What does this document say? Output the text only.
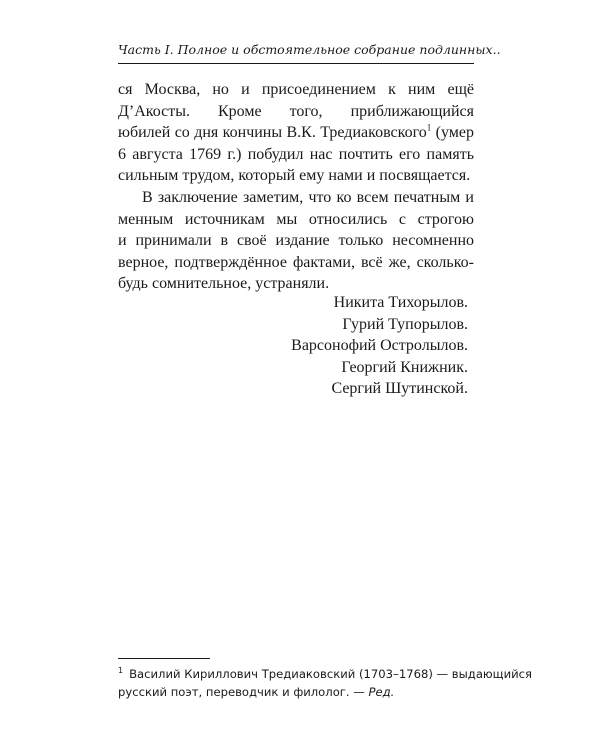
Часть I. Полное и обстоятельное собрание подлинных..
ся Москва, но и присоединением к ним ещё
Д’Акосты. Кроме того, приближающийся
юбилей со дня кончины В.К. Тредиаковского$^1$ (умер
6 августа 1769 г.) побудил нас почтить его память
сильным трудом, который ему нами и посвящается.
В заключение заметим, что ко всем печатным и
менным источникам мы относились с строгою
и принимали в своё издание только несомненно
верное, подтверждённое фактами, всё же, сколько-
будь сомнительное, устраняли.
Никита Тихорылов.
Гурий Тупорылов.
Варсонофий Остролылов.
Георгий Книжник.
Сергий Шутинской.
$^1$ Василий Кириллович Тредиаковский (1703–1768) — выдающийся
русский поэт, переводчик и филолог. — Ред.
